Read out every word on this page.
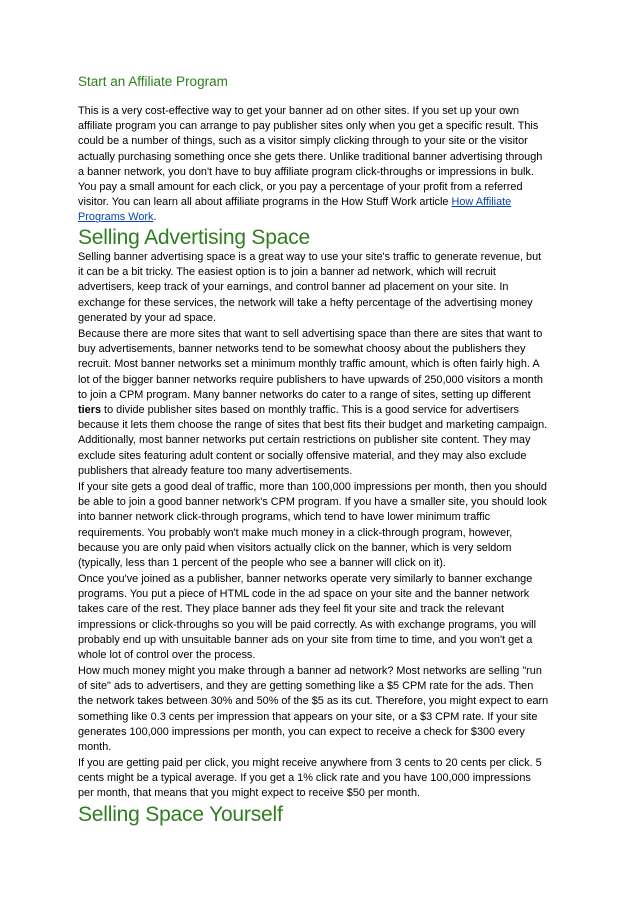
Start an Affiliate Program
This is a very cost-effective way to get your banner ad on other sites. If you set up your own
affiliate program you can arrange to pay publisher sites only when you get a specific result. This
could be a number of things, such as a visitor simply clicking through to your site or the visitor
actually purchasing something once she gets there. Unlike traditional banner advertising through
a banner network, you don't have to buy affiliate program click-throughs or impressions in bulk.
You pay a small amount for each click, or you pay a percentage of your profit from a referred
visitor. You can learn all about affiliate programs in the How Stuff Work article How Affiliate
Programs Work.
Selling Advertising Space
Selling banner advertising space is a great way to use your site's traffic to generate revenue, but
it can be a bit tricky. The easiest option is to join a banner ad network, which will recruit
advertisers, keep track of your earnings, and control banner ad placement on your site. In
exchange for these services, the network will take a hefty percentage of the advertising money
generated by your ad space.
Because there are more sites that want to sell advertising space than there are sites that want to
buy advertisements, banner networks tend to be somewhat choosy about the publishers they
recruit. Most banner networks set a minimum monthly traffic amount, which is often fairly high. A
lot of the bigger banner networks require publishers to have upwards of 250,000 visitors a month
to join a CPM program. Many banner networks do cater to a range of sites, setting up different
tiers to divide publisher sites based on monthly traffic. This is a good service for advertisers
because it lets them choose the range of sites that best fits their budget and marketing campaign.
Additionally, most banner networks put certain restrictions on publisher site content. They may
exclude sites featuring adult content or socially offensive material, and they may also exclude
publishers that already feature too many advertisements.
If your site gets a good deal of traffic, more than 100,000 impressions per month, then you should
be able to join a good banner network's CPM program. If you have a smaller site, you should look
into banner network click-through programs, which tend to have lower minimum traffic
requirements. You probably won't make much money in a click-through program, however,
because you are only paid when visitors actually click on the banner, which is very seldom
(typically, less than 1 percent of the people who see a banner will click on it).
Once you've joined as a publisher, banner networks operate very similarly to banner exchange
programs. You put a piece of HTML code in the ad space on your site and the banner network
takes care of the rest. They place banner ads they feel fit your site and track the relevant
impressions or click-throughs so you will be paid correctly. As with exchange programs, you will
probably end up with unsuitable banner ads on your site from time to time, and you won't get a
whole lot of control over the process.
How much money might you make through a banner ad network? Most networks are selling "run
of site" ads to advertisers, and they are getting something like a $5 CPM rate for the ads. Then
the network takes between 30% and 50% of the $5 as its cut. Therefore, you might expect to earn
something like 0.3 cents per impression that appears on your site, or a $3 CPM rate. If your site
generates 100,000 impressions per month, you can expect to receive a check for $300 every
month.
If you are getting paid per click, you might receive anywhere from 3 cents to 20 cents per click. 5
cents might be a typical average. If you get a 1% click rate and you have 100,000 impressions
per month, that means that you might expect to receive $50 per month.
Selling Space Yourself
